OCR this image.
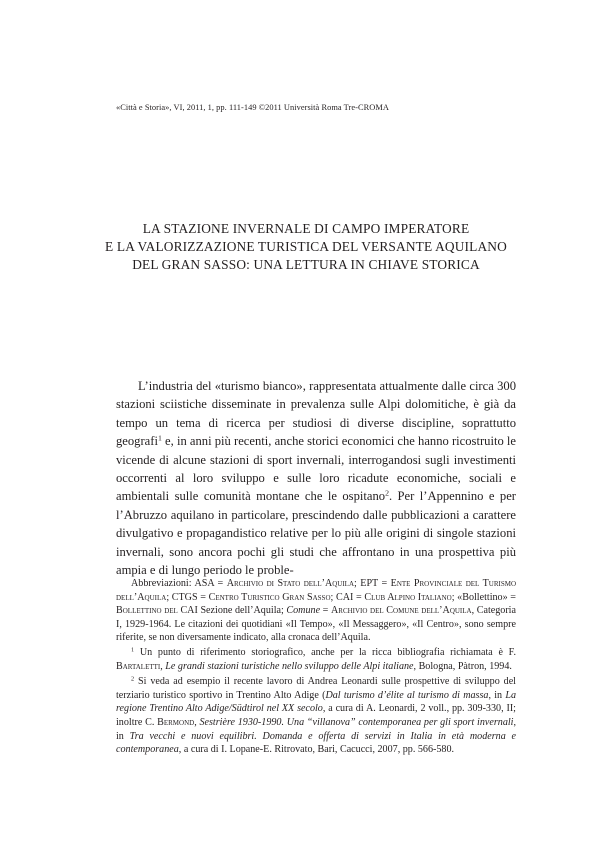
«Città e Storia», VI, 2011, 1, pp. 111-149 ©2011 Università Roma Tre-CROMA
LA STAZIONE INVERNALE DI CAMPO IMPERATORE
E LA VALORIZZAZIONE TURISTICA DEL VERSANTE AQUILANO
DEL GRAN SASSO: UNA LETTURA IN CHIAVE STORICA

L’industria del «turismo bianco», rappresentata attualmente dalle circa 300 stazioni sciistiche disseminate in prevalenza sulle Alpi dolomitiche, è già da tempo un tema di ricerca per studiosi di diverse discipline, soprattutto geografi$^1$ e, in anni più recenti, anche storici economici che hanno ricostruito le vicende di alcune stazioni di sport invernali, interrogandosi sugli investimenti occorrenti al loro sviluppo e sulle loro ricadute economiche, sociali e ambientali sulle comunità montane che le ospitano$^2$. Per l’Appennino e per l’Abruzzo aquilano in particolare, prescindendo dalle pubblicazioni a carattere divulgativo e propagandistico relative per lo più alle origini di singole stazioni invernali, sono ancora pochi gli studi che affrontano in una prospettiva più ampia e di lungo periodo le proble-

Abbreviazioni: ASA = Archivio di Stato dell’Aquila; EPT = Ente Provinciale del Turismo dell’Aquila; CTGS = Centro Turistico Gran Sasso; CAI = Club Alpino Italiano; «Bollettino» = Bollettino del CAI Sezione dell’Aquila; Comune = Archivio del Comune dell’Aquila, Categoria I, 1929-1964. Le citazioni dei quotidiani «Il Tempo», «Il Messaggero», «Il Centro», sono sempre riferite, se non diversamente indicato, alla cronaca dell’Aquila.

$^1$ Un punto di riferimento storiografico, anche per la ricca bibliografia richiamata è F. Bartaletti, Le grandi stazioni turistiche nello sviluppo delle Alpi italiane, Bologna, Pàtron, 1994.

$^2$ Si veda ad esempio il recente lavoro di Andrea Leonardi sulle prospettive di sviluppo del terziario turistico sportivo in Trentino Alto Adige (Dal turismo d’élite al turismo di massa, in La regione Trentino Alto Adige/Südtirol nel XX secolo, a cura di A. Leonardi, 2 voll., pp. 309-330, II; inoltre C. Bermond, Sestrière 1930-1990. Una “villanova” contemporanea per gli sport invernali, in Tra vecchi e nuovi equilibri. Domanda e offerta di servizi in Italia in età moderna e contemporanea, a cura di I. Lopane-E. Ritrovato, Bari, Cacucci, 2007, pp. 566-580.
